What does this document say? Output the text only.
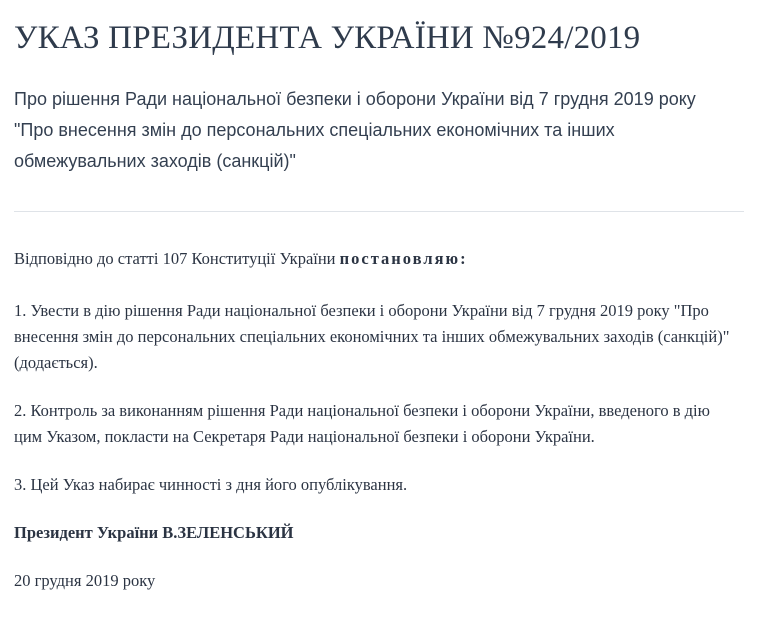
УКАЗ ПРЕЗИДЕНТА УКРАЇНИ №924/2019

Про рішення Ради національної безпеки і оборони України від 7 грудня 2019 року "Про внесення змін до персональних спеціальних економічних та інших обмежувальних заходів (санкцій)"

Відповідно до статті 107 Конституції України постановляю:

1. Увести в дію рішення Ради національної безпеки і оборони України від 7 грудня 2019 року "Про внесення змін до персональних спеціальних економічних та інших обмежувальних заходів (санкцій)" (додається).

2. Контроль за виконанням рішення Ради національної безпеки і оборони України, введеного в дію цим Указом, покласти на Секретаря Ради національної безпеки і оборони України.

3. Цей Указ набирає чинності з дня його опублікування.

Президент України В.ЗЕЛЕНСЬКИЙ

20 грудня 2019 року
